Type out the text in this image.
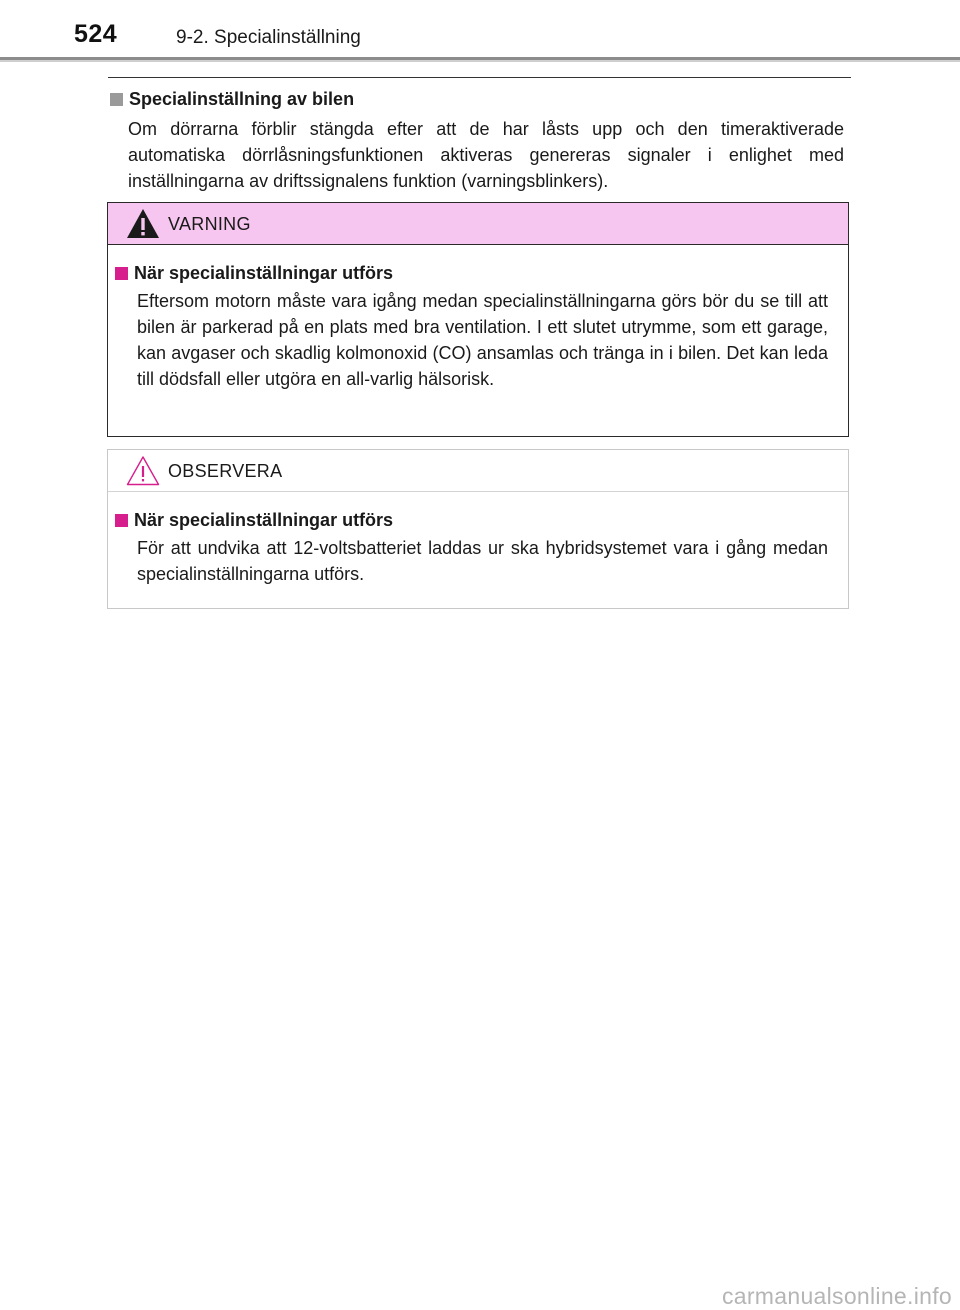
524	9-2. Specialinställning
Specialinställning av bilen
Om dörrarna förblir stängda efter att de har låsts upp och den timeraktiverade automatiska dörrlåsningsfunktionen aktiveras genereras signaler i enlighet med inställningarna av driftssignalens funktion (varningsblinkers).
VARNING
När specialinställningar utförs
Eftersom motorn måste vara igång medan specialinställningarna görs bör du se till att bilen är parkerad på en plats med bra ventilation. I ett slutet utrymme, som ett garage, kan avgaser och skadlig kolmonoxid (CO) ansamlas och tränga in i bilen. Det kan leda till dödsfall eller utgöra en all-varlig hälsorisk.
OBSERVERA
När specialinställningar utförs
För att undvika att 12-voltsbatteriet laddas ur ska hybridsystemet vara i gång medan specialinställningarna utförs.
carmanualsonline.info
